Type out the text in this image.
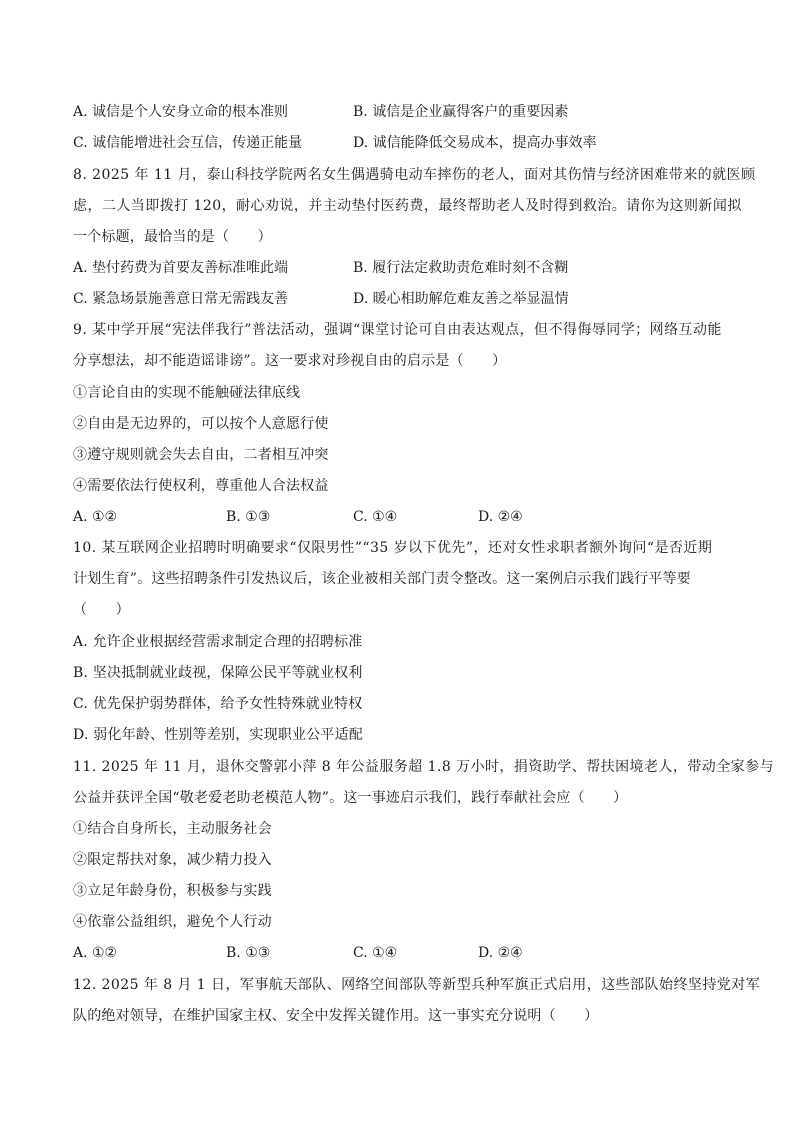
A. 诚信是个人安身立命的根本准则	B. 诚信是企业赢得客户的重要因素
C. 诚信能增进社会互信，传递正能量	D. 诚信能降低交易成本，提高办事效率
8. 2025 年 11 月，泰山科技学院两名女生偶遇骑电动车摔伤的老人，面对其伤情与经济困难带来的就医顾
虑，二人当即拨打 120，耐心劝说，并主动垫付医药费，最终帮助老人及时得到救治。请你为这则新闻拟
一个标题，最恰当的是（　　）
A. 垫付药费为首要友善标准唯此端	B. 履行法定救助责危难时刻不含糊
C. 紧急场景施善意日常无需践友善	D. 暖心相助解危难友善之举显温情
9. 某中学开展“宪法伴我行”普法活动，强调“课堂讨论可自由表达观点，但不得侮辱同学；网络互动能
分享想法，却不能造谣诽谤”。这一要求对珍视自由的启示是（　　）
①言论自由的实现不能触碰法律底线
②自由是无边界的，可以按个人意愿行使
③遵守规则就会失去自由，二者相互冲突
④需要依法行使权利，尊重他人合法权益
A. ①②	B. ①③	C. ①④	D. ②④
10. 某互联网企业招聘时明确要求“仅限男性”“35 岁以下优先”，还对女性求职者额外询问“是否近期
计划生育”。这些招聘条件引发热议后，该企业被相关部门责令整改。这一案例启示我们践行平等要
（　　）
A. 允许企业根据经营需求制定合理的招聘标准
B. 坚决抵制就业歧视，保障公民平等就业权利
C. 优先保护弱势群体，给予女性特殊就业特权
D. 弱化年龄、性别等差别，实现职业公平适配
11. 2025 年 11 月，退休交警郭小萍 8 年公益服务超 1.8 万小时，捐资助学、帮扶困境老人，带动全家参与
公益并获评全国“敬老爱老助老模范人物”。这一事迹启示我们，践行奉献社会应（　　）
①结合自身所长，主动服务社会
②限定帮扶对象，减少精力投入
③立足年龄身份，积极参与实践
④依靠公益组织，避免个人行动
A. ①②	B. ①③	C. ①④	D. ②④
12. 2025 年 8 月 1 日，军事航天部队、网络空间部队等新型兵种军旗正式启用，这些部队始终坚持党对军
队的绝对领导，在维护国家主权、安全中发挥关键作用。这一事实充分说明（　　）
